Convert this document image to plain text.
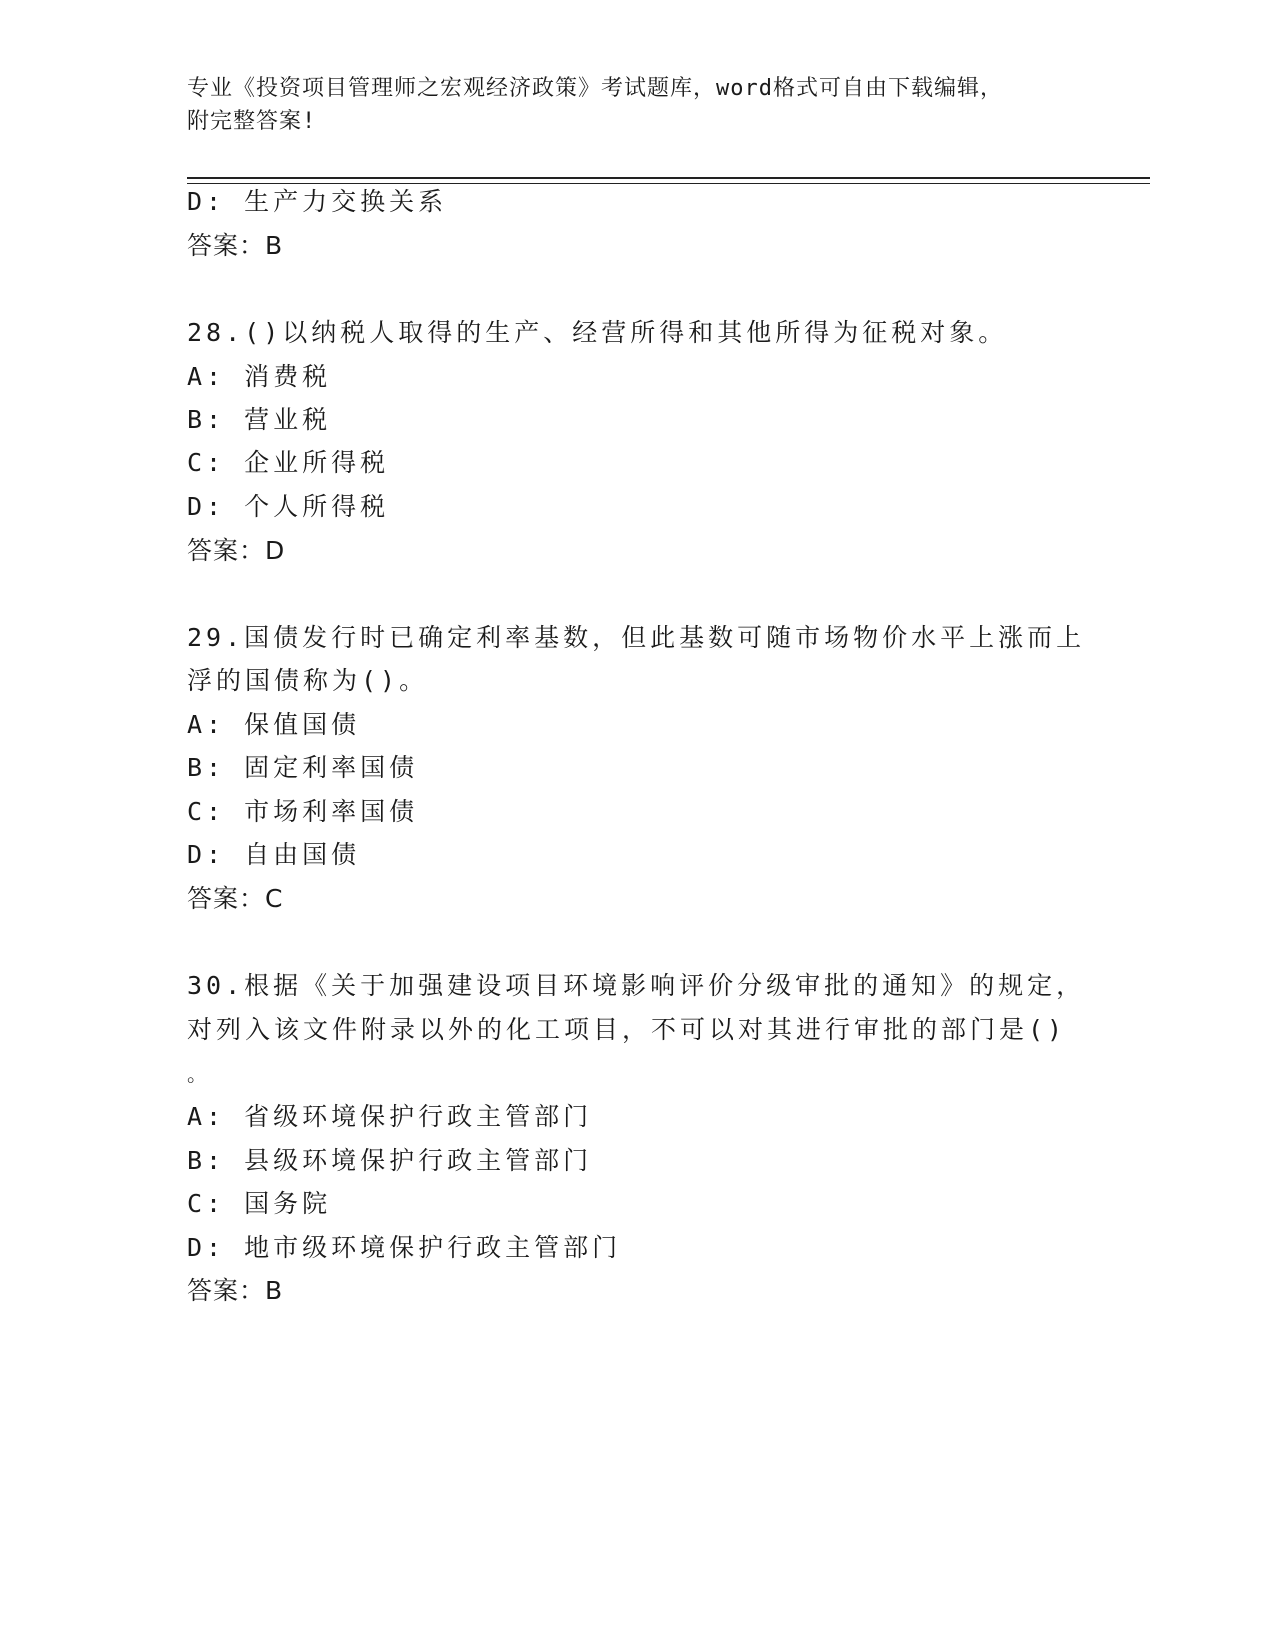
专业《投资项目管理师之宏观经济政策》考试题库，word格式可自由下载编辑，
附完整答案!
D: 生产力交换关系
答案：B
28.()以纳税人取得的生产、经营所得和其他所得为征税对象。
A: 消费税
B: 营业税
C: 企业所得税
D: 个人所得税
答案：D
29.国债发行时已确定利率基数，但此基数可随市场物价水平上涨而上
浮的国债称为()。
A: 保值国债
B: 固定利率国债
C: 市场利率国债
D: 自由国债
答案：C
30.根据《关于加强建设项目环境影响评价分级审批的通知》的规定，
对列入该文件附录以外的化工项目，不可以对其进行审批的部门是()
。
A: 省级环境保护行政主管部门
B: 县级环境保护行政主管部门
C: 国务院
D: 地市级环境保护行政主管部门
答案：B
